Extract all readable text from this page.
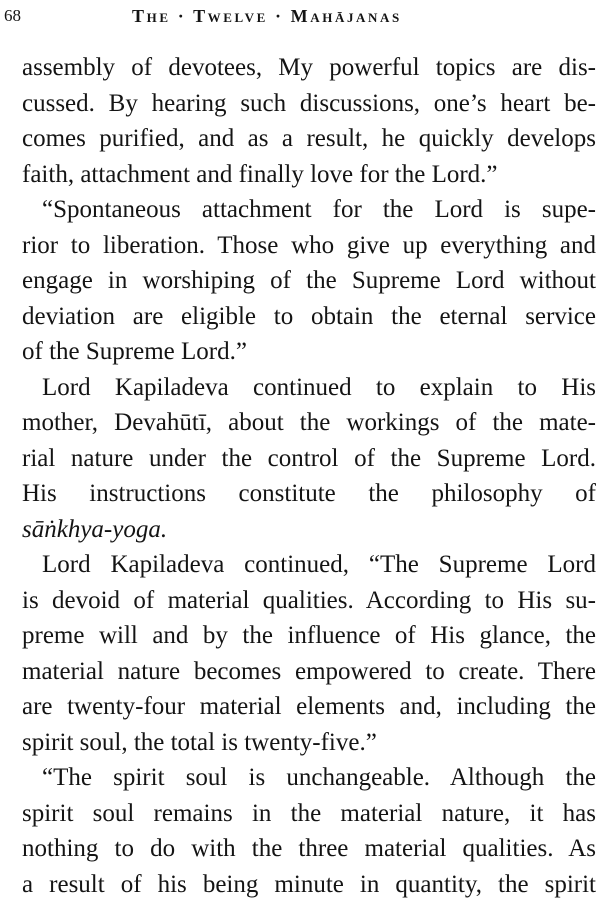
68	The · Twelve · Mahājanas
assembly of devotees, My powerful topics are dis-
cussed. By hearing such discussions, one’s heart be-
comes purified, and as a result, he quickly develops
faith, attachment and finally love for the Lord.”
“Spontaneous attachment for the Lord is supe-
rior to liberation. Those who give up everything and
engage in worshiping of the Supreme Lord without
deviation are eligible to obtain the eternal service
of the Supreme Lord.”
Lord Kapiladeva continued to explain to His
mother, Devahūtī, about the workings of the mate-
rial nature under the control of the Supreme Lord.
His instructions constitute the philosophy of
sāṅkhya-yoga.
Lord Kapiladeva continued, “The Supreme Lord
is devoid of material qualities. According to His su-
preme will and by the influence of His glance, the
material nature becomes empowered to create. There
are twenty-four material elements and, including the
spirit soul, the total is twenty-five.”
“The spirit soul is unchangeable. Although the
spirit soul remains in the material nature, it has
nothing to do with the three material qualities. As
a result of his being minute in quantity, the spirit
